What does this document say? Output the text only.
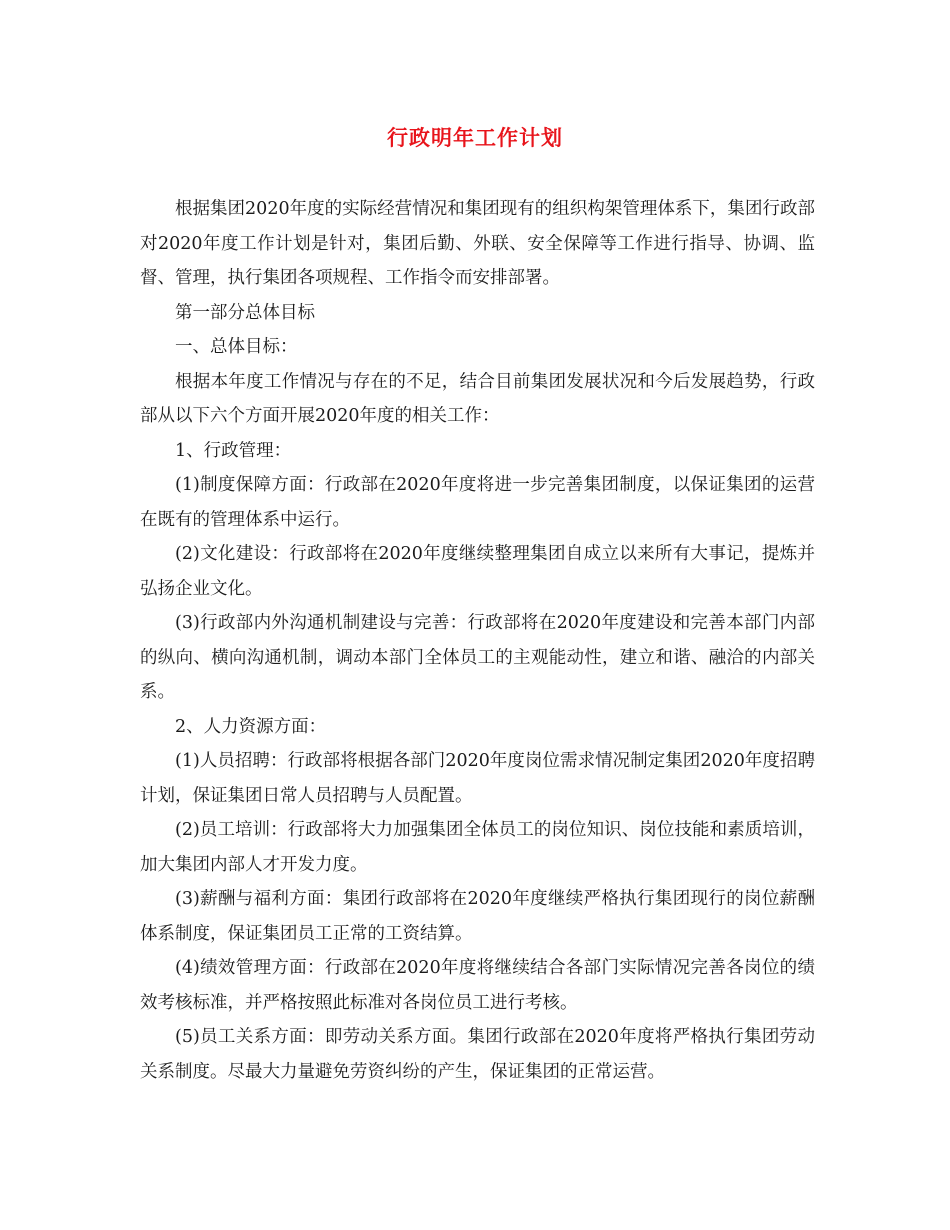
行政明年工作计划

根据集团2020年度的实际经营情况和集团现有的组织构架管理体系下，集团行政部对2020年度工作计划是针对，集团后勤、外联、安全保障等工作进行指导、协调、监督、管理，执行集团各项规程、工作指令而安排部署。

第一部分总体目标

一、总体目标：

根据本年度工作情况与存在的不足，结合目前集团发展状况和今后发展趋势，行政部从以下六个方面开展2020年度的相关工作：

1、行政管理：

(1)制度保障方面：行政部在2020年度将进一步完善集团制度，以保证集团的运营在既有的管理体系中运行。

(2)文化建设：行政部将在2020年度继续整理集团自成立以来所有大事记，提炼并弘扬企业文化。

(3)行政部内外沟通机制建设与完善：行政部将在2020年度建设和完善本部门内部的纵向、横向沟通机制，调动本部门全体员工的主观能动性，建立和谐、融洽的内部关系。

2、人力资源方面：

(1)人员招聘：行政部将根据各部门2020年度岗位需求情况制定集团2020年度招聘计划，保证集团日常人员招聘与人员配置。

(2)员工培训：行政部将大力加强集团全体员工的岗位知识、岗位技能和素质培训，加大集团内部人才开发力度。

(3)薪酬与福利方面：集团行政部将在2020年度继续严格执行集团现行的岗位薪酬体系制度，保证集团员工正常的工资结算。

(4)绩效管理方面：行政部在2020年度将继续结合各部门实际情况完善各岗位的绩效考核标准，并严格按照此标准对各岗位员工进行考核。

(5)员工关系方面：即劳动关系方面。集团行政部在2020年度将严格执行集团劳动关系制度。尽最大力量避免劳资纠纷的产生，保证集团的正常运营。
